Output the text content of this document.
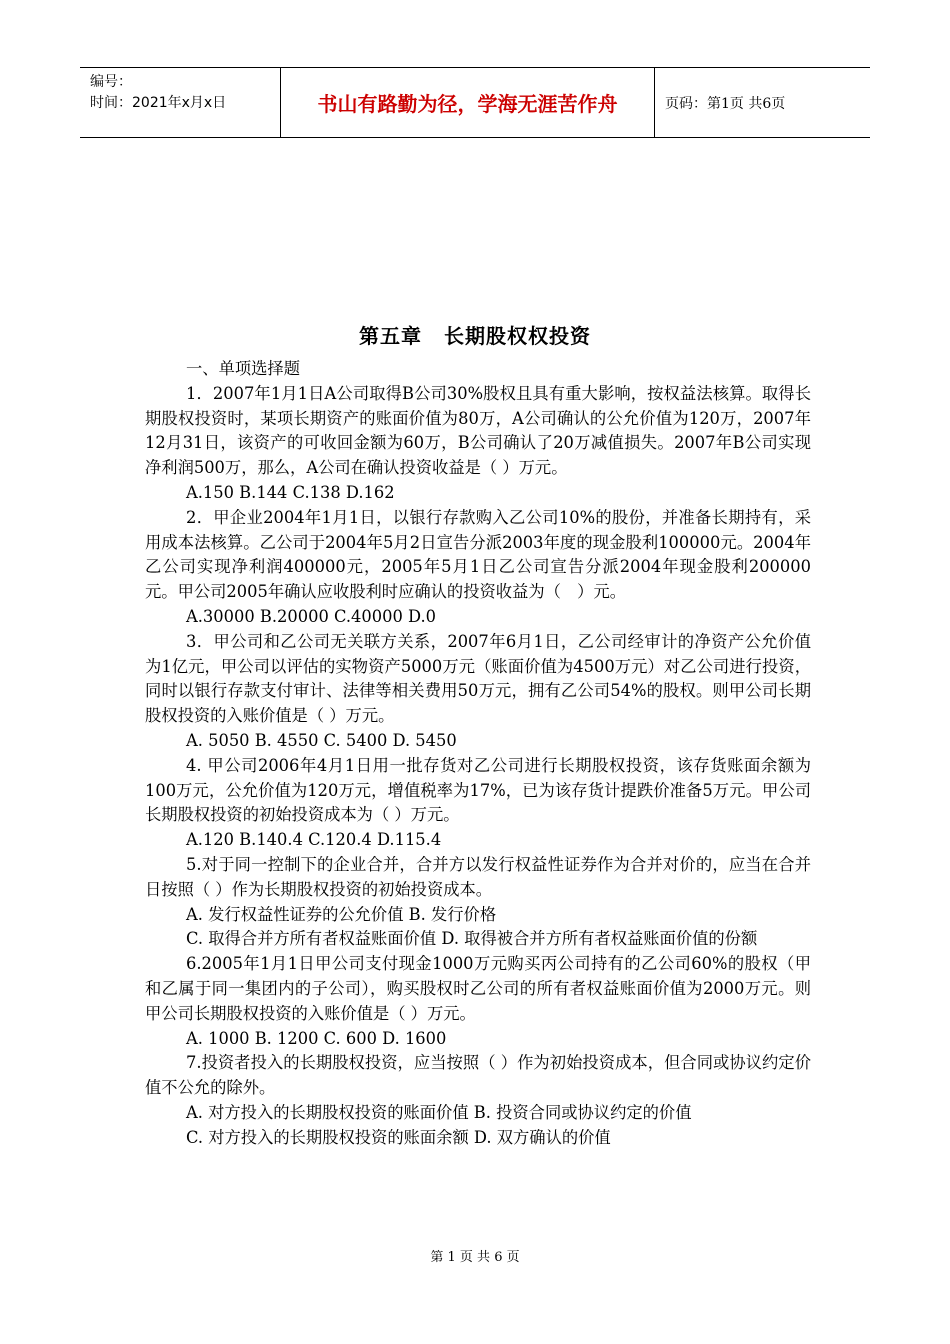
编号：
时间：2021年x月x日	书山有路勤为径，学海无涯苦作舟	页码：第1页 共6页
第五章 长期股权权投资

一、单项选择题

1．2007年1月1日A公司取得B公司30%股权且具有重大影响，按权益法核算。取得长期股权投资时，某项长期资产的账面价值为80万，A公司确认的公允价值为120万，2007年12月31日，该资产的可收回金额为60万，B公司确认了20万减值损失。2007年B公司实现净利润500万，那么，A公司在确认投资收益是（ ）万元。

A.150 B.144 C.138 D.162

2．甲企业2004年1月1日，以银行存款购入乙公司10%的股份，并准备长期持有，采用成本法核算。乙公司于2004年5月2日宣告分派2003年度的现金股利100000元。2004年乙公司实现净利润400000元，2005年5月1日乙公司宣告分派2004年现金股利200000元。甲公司2005年确认应收股利时应确认的投资收益为（　）元。

A.30000 B.20000 C.40000 D.0

3．甲公司和乙公司无关联方关系，2007年6月1日，乙公司经审计的净资产公允价值为1亿元，甲公司以评估的实物资产5000万元（账面价值为4500万元）对乙公司进行投资，同时以银行存款支付审计、法律等相关费用50万元，拥有乙公司54%的股权。则甲公司长期股权投资的入账价值是（ ）万元。

A. 5050 B. 4550 C. 5400 D. 5450

4. 甲公司2006年4月1日用一批存货对乙公司进行长期股权投资，该存货账面余额为100万元，公允价值为120万元，增值税率为17%，已为该存货计提跌价准备5万元。甲公司长期股权投资的初始投资成本为（ ）万元。

A.120 B.140.4 C.120.4 D.115.4

5.对于同一控制下的企业合并，合并方以发行权益性证券作为合并对价的，应当在合并日按照（ ）作为长期股权投资的初始投资成本。

A. 发行权益性证券的公允价值 B. 发行价格

C. 取得合并方所有者权益账面价值 D. 取得被合并方所有者权益账面价值的份额

6.2005年1月1日甲公司支付现金1000万元购买丙公司持有的乙公司60%的股权（甲和乙属于同一集团内的子公司），购买股权时乙公司的所有者权益账面价值为2000万元。则甲公司长期股权投资的入账价值是（ ）万元。

A. 1000 B. 1200 C. 600 D. 1600

7.投资者投入的长期股权投资，应当按照（ ）作为初始投资成本，但合同或协议约定价值不公允的除外。

A. 对方投入的长期股权投资的账面价值 B. 投资合同或协议约定的价值

C. 对方投入的长期股权投资的账面余额 D. 双方确认的价值

第 1 页 共 6 页
